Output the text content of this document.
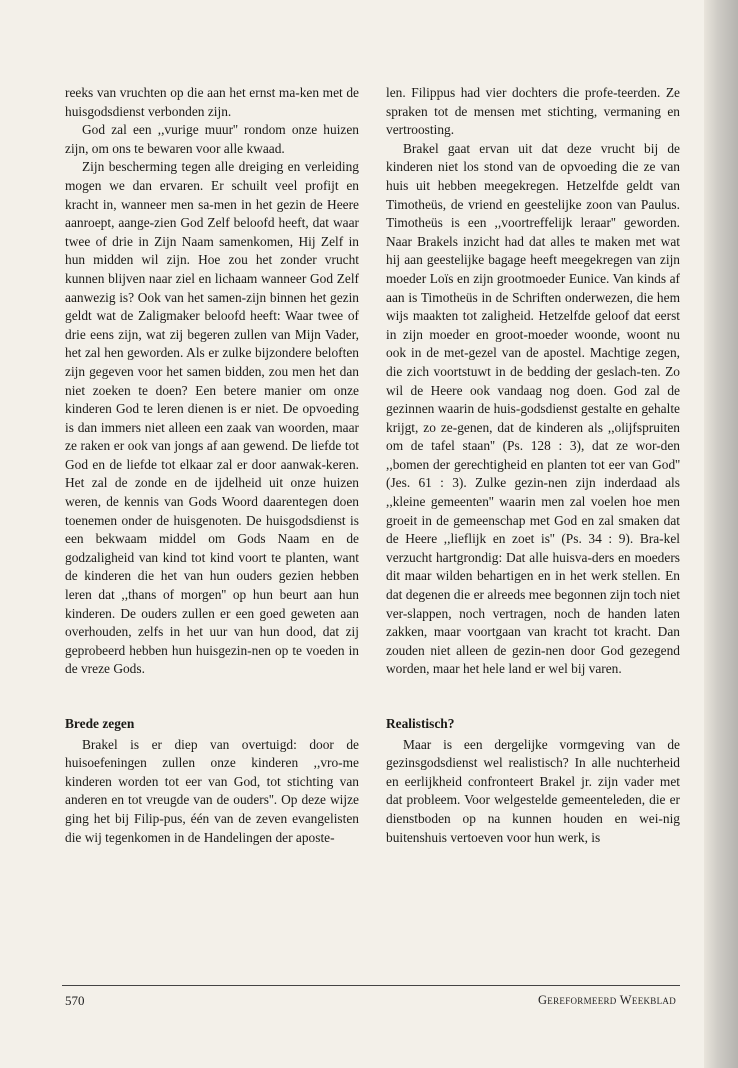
reeks van vruchten op die aan het ernst ma-ken met de huisgodsdienst verbonden zijn.

God zal een ,,vurige muur'' rondom onze huizen zijn, om ons te bewaren voor alle kwaad.

Zijn bescherming tegen alle dreiging en verleiding mogen we dan ervaren. Er schuilt veel profijt en kracht in, wanneer men sa-men in het gezin de Heere aanroept, aange-zien God Zelf beloofd heeft, dat waar twee of drie in Zijn Naam samenkomen, Hij Zelf in hun midden wil zijn. Hoe zou het zonder vrucht kunnen blijven naar ziel en lichaam wanneer God Zelf aanwezig is? Ook van het samen-zijn binnen het gezin geldt wat de Zaligmaker beloofd heeft: Waar twee of drie eens zijn, wat zij begeren zullen van Mijn Vader, het zal hen geworden. Als er zulke bijzondere beloften zijn gegeven voor het samen bidden, zou men het dan niet zoeken te doen? Een betere manier om onze kinderen God te leren dienen is er niet. De opvoeding is dan immers niet alleen een zaak van woorden, maar ze raken er ook van jongs af aan gewend. De liefde tot God en de liefde tot elkaar zal er door aanwak-keren. Het zal de zonde en de ijdelheid uit onze huizen weren, de kennis van Gods Woord daarentegen doen toenemen onder de huisgenoten. De huisgodsdienst is een bekwaam middel om Gods Naam en de godzaligheid van kind tot kind voort te planten, want de kinderen die het van hun ouders gezien hebben leren dat ,,thans of morgen'' op hun beurt aan hun kinderen. De ouders zullen er een goed geweten aan overhouden, zelfs in het uur van hun dood, dat zij geprobeerd hebben hun huisgezin-nen op te voeden in de vreze Gods.

Brede zegen

Brakel is er diep van overtuigd: door de huisoefeningen zullen onze kinderen ,,vro-me kinderen worden tot eer van God, tot stichting van anderen en tot vreugde van de ouders''. Op deze wijze ging het bij Filip-pus, één van de zeven evangelisten die wij tegenkomen in de Handelingen der aposte-

len. Filippus had vier dochters die profe-teerden. Ze spraken tot de mensen met stichting, vermaning en vertroosting.

Brakel gaat ervan uit dat deze vrucht bij de kinderen niet los stond van de opvoeding die ze van huis uit hebben meegekregen. Hetzelfde geldt van Timotheüs, de vriend en geestelijke zoon van Paulus. Timotheüs is een ,,voortreffelijk leraar'' geworden. Naar Brakels inzicht had dat alles te maken met wat hij aan geestelijke bagage heeft meegekregen van zijn moeder Loïs en zijn grootmoeder Eunice. Van kinds af aan is Timotheüs in de Schriften onderwezen, die hem wijs maakten tot zaligheid. Hetzelfde geloof dat eerst in zijn moeder en groot-moeder woonde, woont nu ook in de met-gezel van de apostel. Machtige zegen, die zich voortstuwt in de bedding der geslach-ten. Zo wil de Heere ook vandaag nog doen. God zal de gezinnen waarin de huis-godsdienst gestalte en gehalte krijgt, zo ze-genen, dat de kinderen als ,,olijfspruiten om de tafel staan'' (Ps. 128 : 3), dat ze wor-den ,,bomen der gerechtigheid en planten tot eer van God'' (Jes. 61 : 3). Zulke gezin-nen zijn inderdaad als ,,kleine gemeenten'' waarin men zal voelen hoe men groeit in de gemeenschap met God en zal smaken dat de Heere ,,lieflijk en zoet is'' (Ps. 34 : 9). Bra-kel verzucht hartgrondig: Dat alle huisva-ders en moeders dit maar wilden behartigen en in het werk stellen. En dat degenen die er alreeds mee begonnen zijn toch niet ver-slappen, noch vertragen, noch de handen laten zakken, maar voortgaan van kracht tot kracht. Dan zouden niet alleen de gezin-nen door God gezegend worden, maar het hele land er wel bij varen.

Realistisch?

Maar is een dergelijke vormgeving van de gezinsgodsdienst wel realistisch? In alle nuchterheid en eerlijkheid confronteert Brakel jr. zijn vader met dat probleem. Voor welgestelde gemeenteleden, die er dienstboden op na kunnen houden en wei-nig buitenshuis vertoeven voor hun werk, is

570	Gereformeerd Weekblad
